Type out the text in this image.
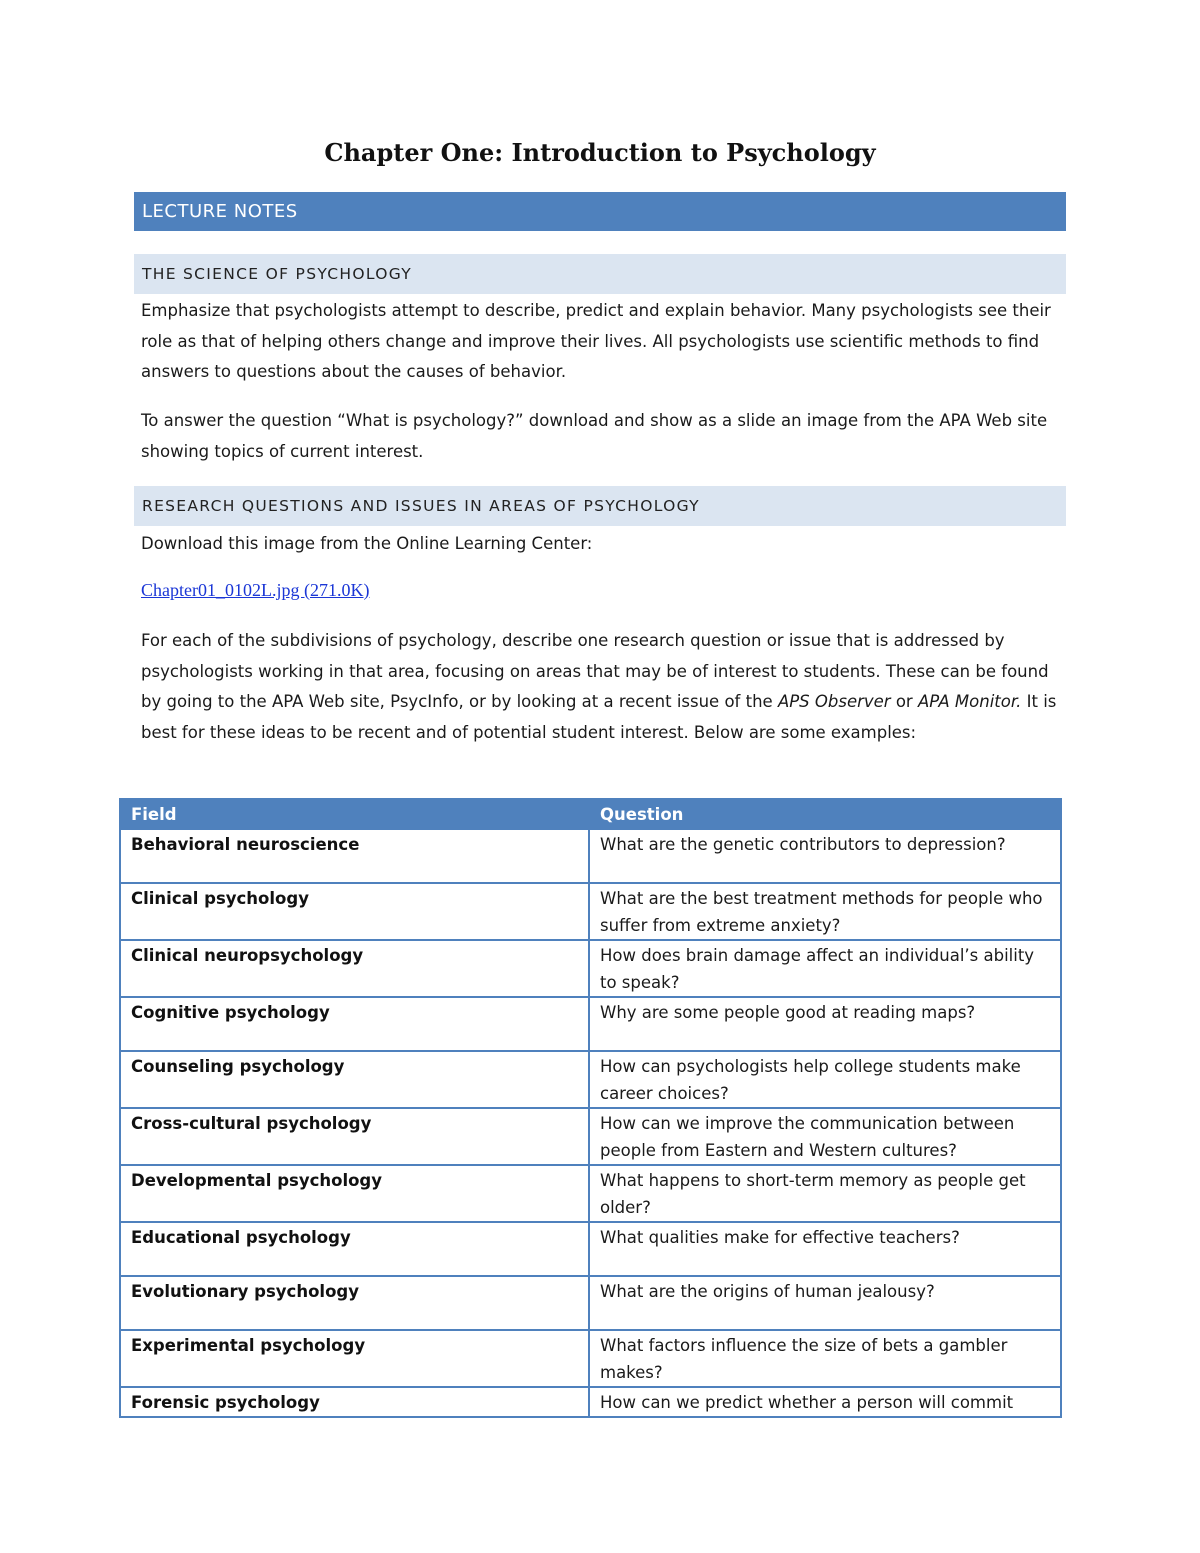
Chapter One: Introduction to Psychology
LECTURE NOTES
THE SCIENCE OF PSYCHOLOGY
Emphasize that psychologists attempt to describe, predict and explain behavior. Many psychologists see their role as that of helping others change and improve their lives. All psychologists use scientific methods to find answers to questions about the causes of behavior.
To answer the question “What is psychology?” download and show as a slide an image from the APA Web site showing topics of current interest.
RESEARCH QUESTIONS AND ISSUES IN AREAS OF PSYCHOLOGY
Download this image from the Online Learning Center:
Chapter01_0102L.jpg (271.0K)
For each of the subdivisions of psychology, describe one research question or issue that is addressed by psychologists working in that area, focusing on areas that may be of interest to students. These can be found by going to the APA Web site, PsycInfo, or by looking at a recent issue of the APS Observer or APA Monitor. It is best for these ideas to be recent and of potential student interest. Below are some examples:
Field	Question
Behavioral neuroscience	What are the genetic contributors to depression?
Clinical psychology	What are the best treatment methods for people who suffer from extreme anxiety?
Clinical neuropsychology	How does brain damage affect an individual’s ability to speak?
Cognitive psychology	Why are some people good at reading maps?
Counseling psychology	How can psychologists help college students make career choices?
Cross-cultural psychology	How can we improve the communication between people from Eastern and Western cultures?
Developmental psychology	What happens to short-term memory as people get older?
Educational psychology	What qualities make for effective teachers?
Evolutionary psychology	What are the origins of human jealousy?
Experimental psychology	What factors influence the size of bets a gambler makes?
Forensic psychology	How can we predict whether a person will commit
